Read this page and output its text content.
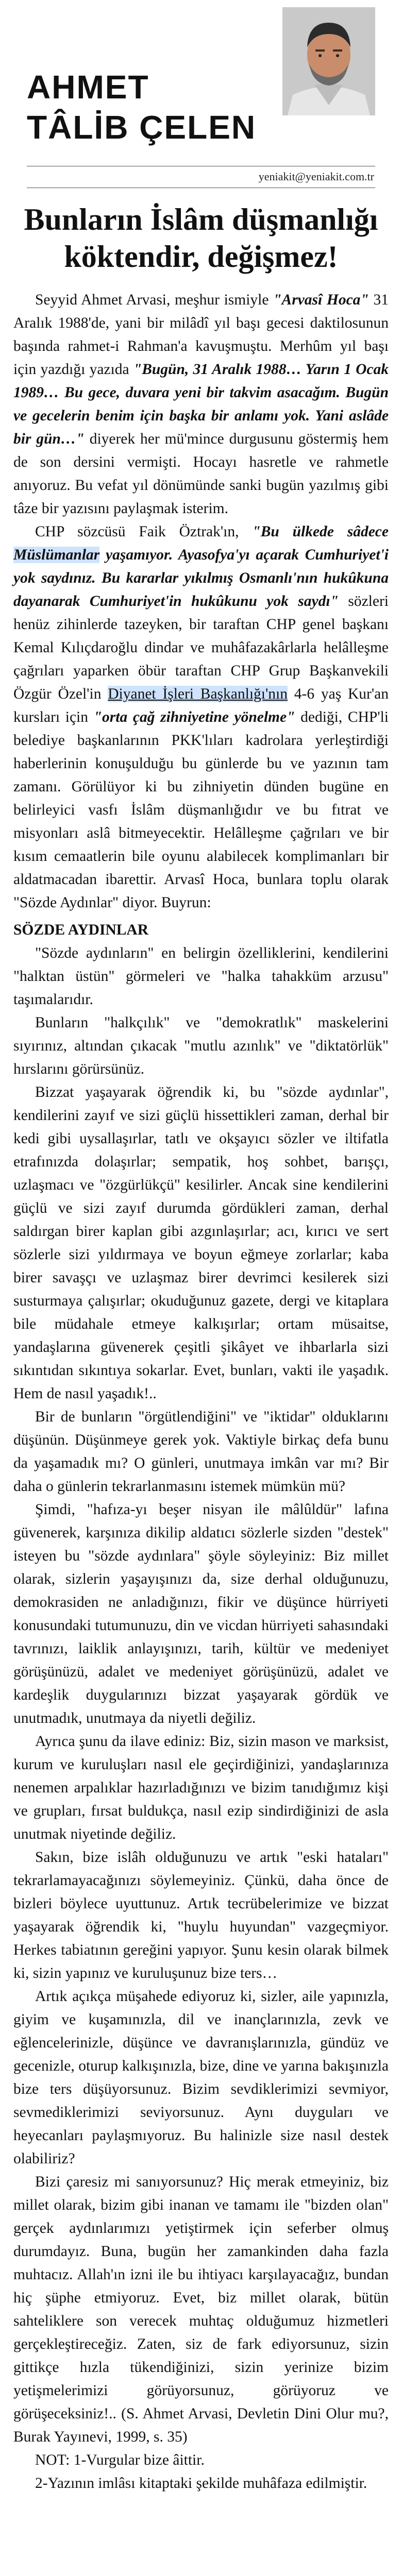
AHMET
TÂLİB ÇELEN
yeniakit@yeniakit.com.tr
Bunların İslâm düşmanlığı köktendir, değişmez!

Seyyid Ahmet Arvasi, meşhur ismiyle "Arvasî Hoca" 31 Aralık 1988'de, yani bir milâdî yıl başı gecesi daktilosunun başında rahmet-i Rahman'a kavuşmuştu. Merhûm yıl başı için yazdığı yazıda "Bugün, 31 Aralık 1988… Yarın 1 Ocak 1989… Bu gece, duvara yeni bir takvim asacağım. Bugün ve gecelerin benim için başka bir anlamı yok. Yani aslâde bir gün…" diyerek her mü'mince durgusunu göstermiş hem de son dersini vermişti. Hocayı hasretle ve rahmetle anıyoruz. Bu vefat yıl dönümünde sanki bugün yazılmış gibi tâze bir yazısını paylaşmak isterim.

CHP sözcüsü Faik Öztrak'ın, "Bu ülkede sâdece Müslümanlar yaşamıyor. Ayasofya'yı açarak Cumhuriyet'i yok saydınız. Bu kararlar yıkılmış Osmanlı'nın hukûkuna dayanarak Cumhuriyet'in hukûkunu yok saydı" sözleri henüz zihinlerde tazeyken, bir taraftan CHP genel başkanı Kemal Kılıçdaroğlu dindar ve muhâfazakârlarla helâlleşme çağrıları yaparken öbür taraftan CHP Grup Başkanvekili Özgür Özel'in Diyanet İşleri Başkanlığı'nın 4-6 yaş Kur'an kursları için "orta çağ zihniyetine yönelme" dediği, CHP'li belediye başkanlarının PKK'lıları kadrolara yerleştirdiği haberlerinin konuşulduğu bu günlerde bu ve yazının tam zamanı. Görülüyor ki bu zihniyetin dünden bugüne en belirleyici vasfı İslâm düşmanlığıdır ve bu fıtrat ve misyonları aslâ bitmeyecektir. Helâlleşme çağrıları ve bir kısım cemaatlerin bile oyunu alabilecek komplimanları bir aldatmacadan ibarettir. Arvasî Hoca, bunlara toplu olarak "Sözde Aydınlar" diyor. Buyrun:

SÖZDE AYDINLAR

"Sözde aydınların" en belirgin özelliklerini, kendilerini "halktan üstün" görmeleri ve "halka tahakküm arzusu" taşımalarıdır.

Bunların "halkçılık" ve "demokratlık" maskelerini sıyırınız, altından çıkacak "mutlu azınlık" ve "diktatörlük" hırslarını görürsünüz.

Bizzat yaşayarak öğrendik ki, bu "sözde aydınlar", kendilerini zayıf ve sizi güçlü hissettikleri zaman, derhal bir kedi gibi uysallaşırlar, tatlı ve okşayıcı sözler ve iltifatla etrafınızda dolaşırlar; sempatik, hoş sohbet, barışçı, uzlaşmacı ve "özgürlükçü" kesilirler. Ancak sine kendilerini güçlü ve sizi zayıf durumda gördükleri zaman, derhal saldırgan birer kaplan gibi azgınlaşırlar; acı, kırıcı ve sert sözlerle sizi yıldırmaya ve boyun eğmeye zorlarlar; kaba birer savaşçı ve uzlaşmaz birer devrimci kesilerek sizi susturmaya çalışırlar; okuduğunuz gazete, dergi ve kitaplara bile müdahale etmeye kalkışırlar; ortam müsaitse, yandaşlarına güvenerek çeşitli şikâyet ve ihbarlarla sizi sıkıntıdan sıkıntıya sokarlar. Evet, bunları, vakti ile yaşadık. Hem de nasıl yaşadık!..

Bir de bunların "örgütlendiğini" ve "iktidar" olduklarını düşünün. Düşünmeye gerek yok. Vaktiyle birkaç defa bunu da yaşamadık mı? O günleri, unutmaya imkân var mı? Bir daha o günlerin tekrarlanmasını istemek mümkün mü?

Şimdi, "hafıza-yı beşer nisyan ile mâlûldür" lafına güvenerek, karşınıza dikilip aldatıcı sözlerle sizden "destek" isteyen bu "sözde aydınlara" şöyle söyleyiniz: Biz millet olarak, sizlerin yaşayışınızı da, size derhal olduğunuzu, demokrasiden ne anladığınızı, fikir ve düşünce hürriyeti konusundaki tutumunuzu, din ve vicdan hürriyeti sahasındaki tavrınızı, laiklik anlayışınızı, tarih, kültür ve medeniyet görüşünüzü, adalet ve medeniyet görüşünüzü, adalet ve kardeşlik duygularınızı bizzat yaşayarak gördük ve unutmadık, unutmaya da niyetli değiliz.

Ayrıca şunu da ilave ediniz: Biz, sizin mason ve marksist, kurum ve kuruluşları nasıl ele geçirdiğinizi, yandaşlarınıza nenemen arpalıklar hazırladığınızı ve bizim tanıdığımız kişi ve grupları, fırsat buldukça, nasıl ezip sindirdiğinizi de asla unutmak niyetinde değiliz.

Sakın, bize islâh olduğunuzu ve artık "eski hataları" tekrarlamayacağınızı söylemeyiniz. Çünkü, daha önce de bizleri böylece uyuttunuz. Artık tecrübelerimize ve bizzat yaşayarak öğrendik ki, "huylu huyundan" vazgeçmiyor. Herkes tabiatının gereğini yapıyor. Şunu kesin olarak bilmek ki, sizin yapınız ve kuruluşunuz bize ters…

Artık açıkça müşahede ediyoruz ki, sizler, aile yapınızla, giyim ve kuşamınızla, dil ve inançlarınızla, zevk ve eğlencelerinizle, düşünce ve davranışlarınızla, gündüz ve gecenizle, oturup kalkışınızla, bize, dine ve yarına bakışınızla bize ters düşüyorsunuz. Bizim sevdiklerimizi sevmiyor, sevmediklerimizi seviyorsunuz. Aynı duyguları ve heyecanları paylaşmıyoruz. Bu halinizle size nasıl destek olabiliriz?

Bizi çaresiz mi sanıyorsunuz? Hiç merak etmeyiniz, biz millet olarak, bizim gibi inanan ve tamamı ile "bizden olan" gerçek aydınlarımızı yetiştirmek için seferber olmuş durumdayız. Buna, bugün her zamankinden daha fazla muhtacız. Allah'ın izni ile bu ihtiyacı karşılayacağız, bundan hiç şüphe etmiyoruz. Evet, biz millet olarak, bütün sahteliklere son verecek muhtaç olduğumuz hizmetleri gerçekleştireceğiz. Zaten, siz de fark ediyorsunuz, sizin gittikçe hızla tükendiğinizi, sizin yerinize bizim yetişmelerimizi görüyorsunuz, görüyoruz ve görüşeceksiniz!.. (S. Ahmet Arvasi, Devletin Dini Olur mu?, Burak Yayınevi, 1999, s. 35)

NOT: 1-Vurgular bize âittir.

2-Yazının imlâsı kitaptaki şekilde muhâfaza edilmiştir.
